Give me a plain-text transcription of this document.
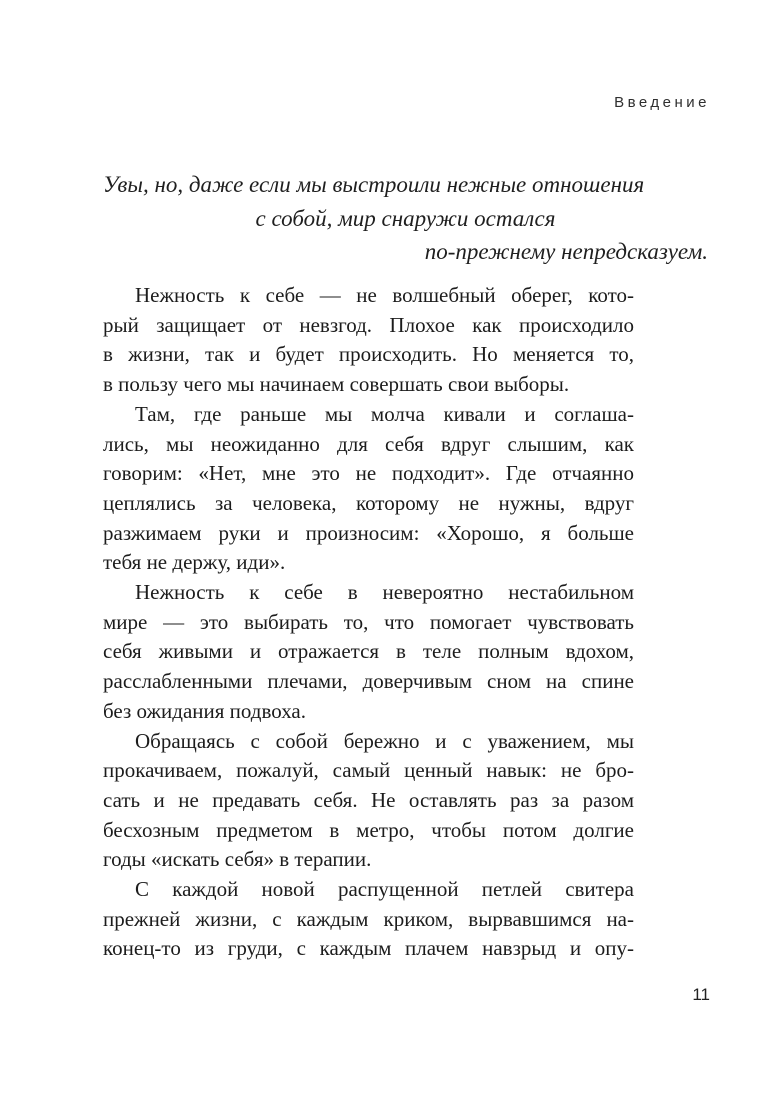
Введение
Увы, но, даже если мы выстроили нежные отношения
с собой, мир снаружи остался
по-прежнему непредсказуем.
Нежность к себе — не волшебный оберег, кото-
рый защищает от невзгод. Плохое как происходило
в жизни, так и будет происходить. Но меняется то,
в пользу чего мы начинаем совершать свои выборы.
Там, где раньше мы молча кивали и соглаша-
лись, мы неожиданно для себя вдруг слышим, как
говорим: «Нет, мне это не подходит». Где отчаянно
цеплялись за человека, которому не нужны, вдруг
разжимаем руки и произносим: «Хорошо, я больше
тебя не держу, иди».
Нежность к себе в невероятно нестабильном
мире — это выбирать то, что помогает чувствовать
себя живыми и отражается в теле полным вдохом,
расслабленными плечами, доверчивым сном на спине
без ожидания подвоха.
Обращаясь с собой бережно и с уважением, мы
прокачиваем, пожалуй, самый ценный навык: не бро-
сать и не предавать себя. Не оставлять раз за разом
бесхозным предметом в метро, чтобы потом долгие
годы «искать себя» в терапии.
С каждой новой распущенной петлей свитера
прежней жизни, с каждым криком, вырвавшимся на-
конец-то из груди, с каждым плачем навзрыд и опу-
11
